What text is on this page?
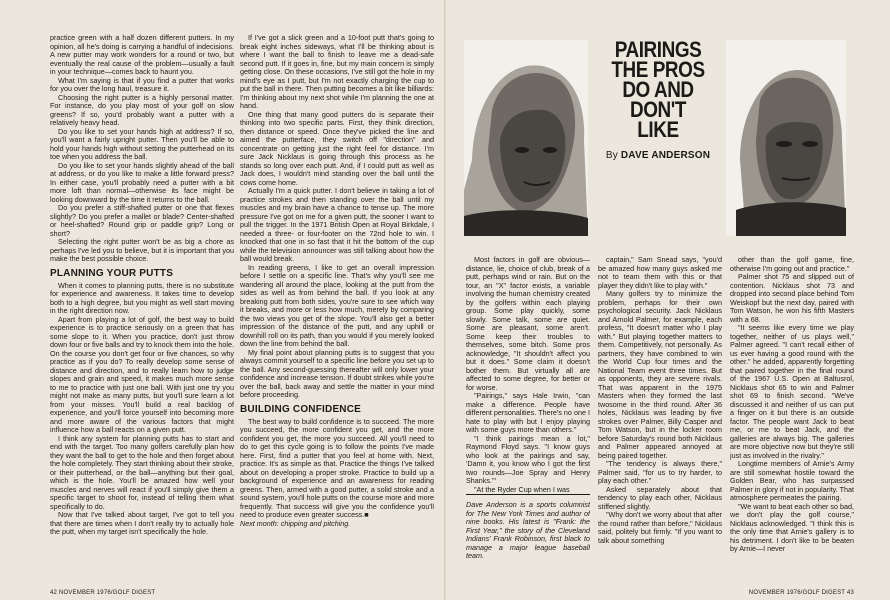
practice green with a half dozen different putters. In my opinion, all he's doing is carrying a handful of indecisions. A new putter may work wonders for a round or two, but eventually the real cause of the problem—usually a fault in your technique—comes back to haunt you.

What I'm saying is that if you find a putter that works for you over the long haul, treasure it.

Choosing the right putter is a highly personal matter. For instance, do you play most of your golf on slow greens? If so, you'd probably want a putter with a relatively heavy head.

Do you like to set your hands high at address? If so, you'll want a fairly upright putter. Then you'll be able to hold your hands high without setting the putterhead on its toe when you address the ball.

Do you like to set your hands slightly ahead of the ball at address, or do you like to make a little forward press? In either case, you'll probably need a putter with a bit more loft than normal—otherwise its face might be looking downward by the time it returns to the ball.

Do you prefer a stiff-shafted putter or one that flexes slightly? Do you prefer a mallet or blade? Center-shafted or heel-shafted? Round grip or paddle grip? Long or short?

Selecting the right putter won't be as big a chore as perhaps I've led you to believe, but it is important that you make the best possible choice.

PLANNING YOUR PUTTS

When it comes to planning putts, there is no substitute for experience and awareness. It takes time to develop both to a high degree, but you might as well start moving in the right direction now.

Apart from playing a lot of golf, the best way to build experience is to practice seriously on a green that has some slope to it. When you practice, don't just throw down four or five balls and try to knock them into the hole. On the course you don't get four or five chances, so why practice as if you do? To really develop some sense of distance and direction, and to really learn how to judge slopes and grain and speed, it makes much more sense to me to practice with just one ball. With just one try you might not make as many putts, but you'll sure learn a lot from your misses. You'll build a real backlog of experience, and you'll force yourself into becoming more and more aware of the various factors that might influence how a ball reacts on a given putt.

I think any system for planning putts has to start and end with the target. Too many golfers carefully plan how they want the ball to get to the hole and then forget about the hole completely. They start thinking about their stroke, or their putterhead, or the ball—anything but their goal, which is the hole. You'll be amazed how well your muscles and nerves will react if you'll simply give them a specific target to shoot for, instead of telling them what specifically to do.

Now that I've talked about target, I've got to tell you that there are times when I don't really try to actually hole the putt, when my target isn't specifically the hole.

If I've got a slick green and a 10-foot putt that's going to break eight inches sideways, what I'll be thinking about is where I want the ball to finish to leave me a dead-safe second putt. If it goes in, fine, but my main concern is simply getting close. On these occasions, I've still got the hole in my mind's eye as I putt, but I'm not exactly charging the cup to put the ball in there. Then putting becomes a bit like billiards: I'm thinking about my next shot while I'm planning the one at hand.

One thing that many good putters do is separate their thinking into two specific parts. First, they think direction, then distance or speed. Once they've picked the line and aimed the putterface, they switch off "direction" and concentrate on getting just the right feel for distance. I'm sure Jack Nicklaus is going through this process as he stands so long over each putt. And, if I could putt as well as Jack does, I wouldn't mind standing over the ball until the cows come home.

Actually I'm a quick putter. I don't believe in taking a lot of practice strokes and then standing over the ball until my muscles and my brain have a chance to tense up. The more pressure I've got on me for a given putt, the sooner I want to pull the trigger. In the 1971 British Open at Royal Birkdale, I needed a three- or four-footer on the 72nd hole to win. I knocked that one in so fast that it hit the bottom of the cup while the television announcer was still talking about how the ball would break.

In reading greens, I like to get an overall impression before I settle on a specific line. That's why you'll see me wandering all around the place, looking at the putt from the sides as well as from behind the ball. If you look at any breaking putt from both sides, you're sure to see which way it breaks, and more or less how much, merely by comparing the two views you get of the slope. You'll also get a better impression of the distance of the putt, and any uphill or downhill roll on its path, than you would if you merely looked down the line from behind the ball.

My final point about planning putts is to suggest that you always commit yourself to a specific line before you set up to the ball. Any second-guessing thereafter will only lower your confidence and increase tension. If doubt strikes while you're over the ball, back away and settle the matter in your mind before proceeding.

BUILDING CONFIDENCE

The best way to build confidence is to succeed. The more you succeed, the more confident you get, and the more confident you get, the more you succeed. All you'll need to do to get this cycle going is to follow the points I've made here. First, find a putter that you feel at home with. Next, practice. It's as simple as that. Practice the things I've talked about on developing a proper stroke. Practice to build up a background of experience and an awareness for reading greens. Then, armed with a good putter, a solid stroke and a sound system, you'll hole putts on the course more and more frequently. That success will give you the confidence you'll need to produce even greater success.■

Next month: chipping and pitching.

42 NOVEMBER 1976/GOLF DIGEST
PAIRINGS
THE PROS
DO AND DON'T
LIKE
By DAVE ANDERSON

Most factors in golf are obvious—distance, lie, choice of club, break of a putt, perhaps wind or rain. But on the tour, an "X" factor exists, a variable involving the human chemistry created by the golfers within each playing group. Some play quickly, some slowly. Some talk, some are quiet. Some are pleasant, some aren't. Some keep their troubles to themselves, some bitch. Some pros acknowledge, "It shouldn't affect you but it does." Some claim it doesn't bother them. But virtually all are affected to some degree, for better or for worse.

"Pairings," says Hale Irwin, "can make a difference. People have different personalities. There's no one I hate to play with but I enjoy playing with some guys more than others."

"I think pairings mean a lot," Raymond Floyd says. "I know guys who look at the pairings and say, 'Damn it, you know who I got the first two rounds—Joe Spray and Henry Shanks.'"

"At the Ryder Cup when I was

Dave Anderson is a sports columnist for The New York Times and author of nine books. His latest is "Frank: the First Year," the story of the Cleveland Indians' Frank Robinson, first black to manage a major league baseball team.

captain," Sam Snead says, "you'd be amazed how many guys asked me not to team them with this or that player they didn't like to play with."

Many golfers try to minimize the problem, perhaps for their own psychological security. Jack Nicklaus and Arnold Palmer, for example, each profess, "It doesn't matter who I play with." But playing together matters to them. Competitively, not personally. As partners, they have combined to win the World Cup four times and the National Team event three times. But as opponents, they are severe rivals. That was apparent in the 1975 Masters when they formed the last twosome in the third round. After 36 holes, Nicklaus was leading by five strokes over Palmer, Billy Casper and Tom Watson, but in the locker room before Saturday's round both Nicklaus and Palmer appeared annoyed at being paired together.

"The tendency is always there," Palmer said, "for us to try harder, to play each other."

Asked separately about that tendency to play each other, Nicklaus stiffened slightly.

"Why don't we worry about that after the round rather than before," Nicklaus said, politely but firmly. "If you want to talk about something

other than the golf game, fine, otherwise I'm going out and practice."

Palmer shot 75 and slipped out of contention. Nicklaus shot 73 and dropped into second place behind Tom Weiskopf but the next day, paired with Tom Watson, he won his fifth Masters with a 68.

"It seems like every time we play together, neither of us plays well," Palmer agreed. "I can't recall either of us ever having a good round with the other." he added, apparently forgetting that paired together in the final round of the 1967 U.S. Open at Baltusrol, Nicklaus shot 65 to win and Palmer shot 69 to finish second. "We've discussed it and neither of us can put a finger on it but there is an outside factor. The people want Jack to beat me, or me to beat Jack, and the galleries are always big. The galleries are more objective now but they're still just as involved in the rivalry."

Longtime members of Arnie's Army are still somewhat hostile toward the Golden Bear, who has surpassed Palmer in glory if not in popularity. That atmosphere permeates the pairing.

"We want to beat each other so bad, we don't play the golf course," Nicklaus acknowledged. "I think this is the only time that Arnie's gallery is to his detriment. I don't like to be beaten by Arnie—I never

NOVEMBER 1976/GOLF DIGEST 43
